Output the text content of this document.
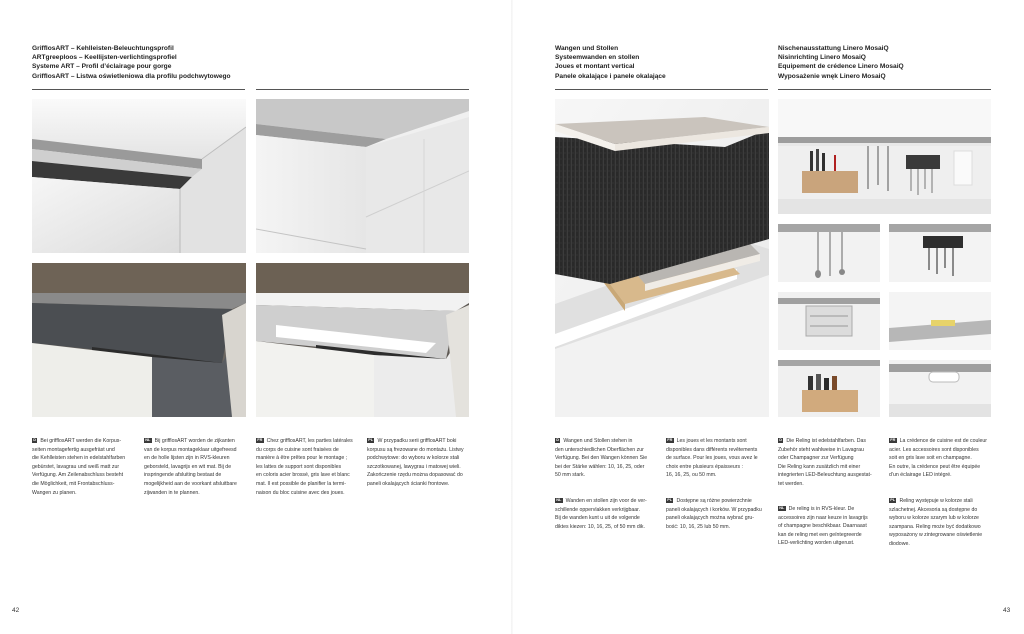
GrifflosART – Kehlleisten-Beleuchtungsprofil
ARTgreeploos – Keellijsten-verlichtingsprofiel
Systeme ART – Profil d’éclairage pour gorge
GrifflosART – Listwa oświetleniowa dla profilu podchwytowego
D Bei grifflosART werden die Korpus-
seiten montagefertig ausgefräst und
die Kehlleisten stehen in edelstahlfarben
gebürstet, lavagrau und weiß matt zur
Verfügung. Am Zeilenabschluss besteht
die Möglichkeit, mit Frontabschluss-
Wangen zu planen.
NL Bij grifflosART worden de zijkanten
van de korpus montageklaar uitgefreesd
en de holle lijsten zijn in RVS-kleuren
geborsteld, lavagrijs en wit mat. Bij de
inspringende afsluiting bestaat de
mogelijkheid aan de voorkant afsluitbare
zijwanden in te plannen.
FR Chez grifflosART, les parties latérales
du corps de cuisine sont fraisées de
manière à être prêtes pour le montage ;
les lattes de support sont disponibles
en coloris acier brossé, gris lave et blanc
mat. Il est possible de planifier la termi-
naison du bloc cuisine avec des joues.
PL W przypadku serii grifflosART boki
korpusu są frezowane do montażu. Listwy
podchwytowe: do wyboru w kolorze stali
szczotkowanej, lawygrau i matowej wieli.
Zakończenie rzędu można dopasować do
paneli okalających ścianki frontowe.
42
Wangen und Stollen
Systeemwanden en stollen
Joues et montant vertical
Panele okalające i panele okalające
D Wangen und Stollen stehen in
den unterschiedlichen Oberflächen zur
Verfügung. Bei den Wangen können Sie
bei der Stärke wählen: 10, 16, 25, oder
50 mm stark.
FR Les joues et les montants sont
disponibles dans différents revêtements
de surface. Pour les joues, vous avez le
choix entre plusieurs épaisseurs :
16, 16, 25, ou 50 mm.
NL Wanden en stollen zijn voor de ver-
schillende oppervlakken verkrijgbaar.
Bij de wanden kunt u uit de volgende
diktes kiezen: 10, 16, 25, of 50 mm dik.
PL Dostępne są różne powierzchnie
paneli okalających i korków. W przypadku
paneli okalających można wybrać gru-
bość: 10, 16, 25 lub 50 mm.
Nischenausstattung Linero MosaiQ
Nisinrichting Linero MosaiQ
Equipement de crédence Linero MosaiQ
Wyposażenie wnęk Linero MosaiQ
D Die Reling ist edelstahlfarben. Das
Zubehör steht wahlweise in Lavagrau
oder Champagner zur Verfügung
Die Reling kann zusätzlich mit einer
integrierten LED-Beleuchtung ausgestat-
tet werden.
FR La crédence de cuisine est de couleur
acier. Les accessoires sont disponibles
soit en gris lave soit en champagne.
En outre, la crédence peut être équipée
d’un éclairage LED intégré.
NL De reling is in RVS-kleur. De
accessoires zijn naar keuze in lavagrijs
of champagne beschikbaar. Daarnaast
kan de reling met een geïntegreerde
LED-verlichting worden uitgerust.
PL Reling występuje w kolorze stali
szlachetnej. Akcesoria są dostępne do
wyboru w kolorze szarym lub w kolorze
szampana. Reling może być dodatkowo
wyposażony w zintegrowane oświetlenie
diodowe.
43
